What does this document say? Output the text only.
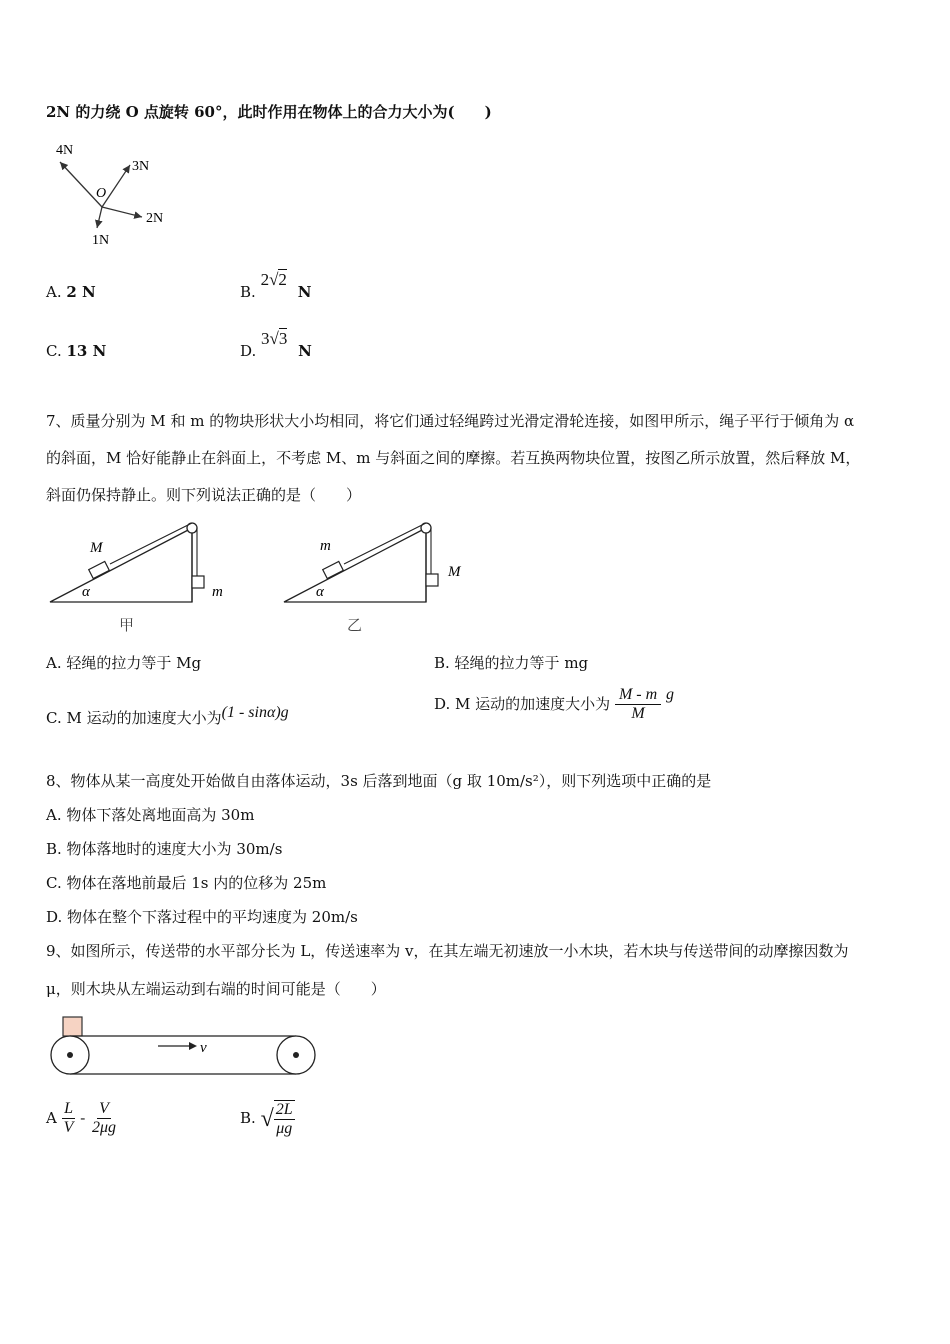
2N 的力绕 O 点旋转 60°，此时作用在物体上的合力大小为(　　)
4N
3N
2N
1N
O
A. 2 N	B. 2√2 N
C. 13 N	D. 3√3 N
7、质量分别为 M 和 m 的物块形状大小均相同，将它们通过轻绳跨过光滑定滑轮连接，如图甲所示，绳子平行于倾角为 α
的斜面，M 恰好能静止在斜面上，不考虑 M、m 与斜面之间的摩擦。若互换两物块位置，按图乙所示放置，然后释放 M，
斜面仍保持静止。则下列说法正确的是（　　）
M
m
α
甲
m
M
α
乙
A. 轻绳的拉力等于 Mg	B. 轻绳的拉力等于 mg
C. M 运动的加速度大小为(1 - sinα)g	D. M 运动的加速度大小为 $\frac{M - m}{M}$ g
8、物体从某一高度处开始做自由落体运动，3s 后落到地面（g 取 10m/s²），则下列选项中正确的是
A. 物体下落处离地面高为 30m
B. 物体落地时的速度大小为 30m/s
C. 物体在落地前最后 1s 内的位移为 25m
D. 物体在整个下落过程中的平均速度为 20m/s
9、如图所示，传送带的水平部分长为 L，传送速率为 v，在其左端无初速放一小木块，若木块与传送带间的动摩擦因数为
μ，则木块从左端运动到右端的时间可能是（　　）
v
A $\frac{L}{V} - \frac{V}{2\mu g}$	B. √ $\frac{2L}{\mu g}$
